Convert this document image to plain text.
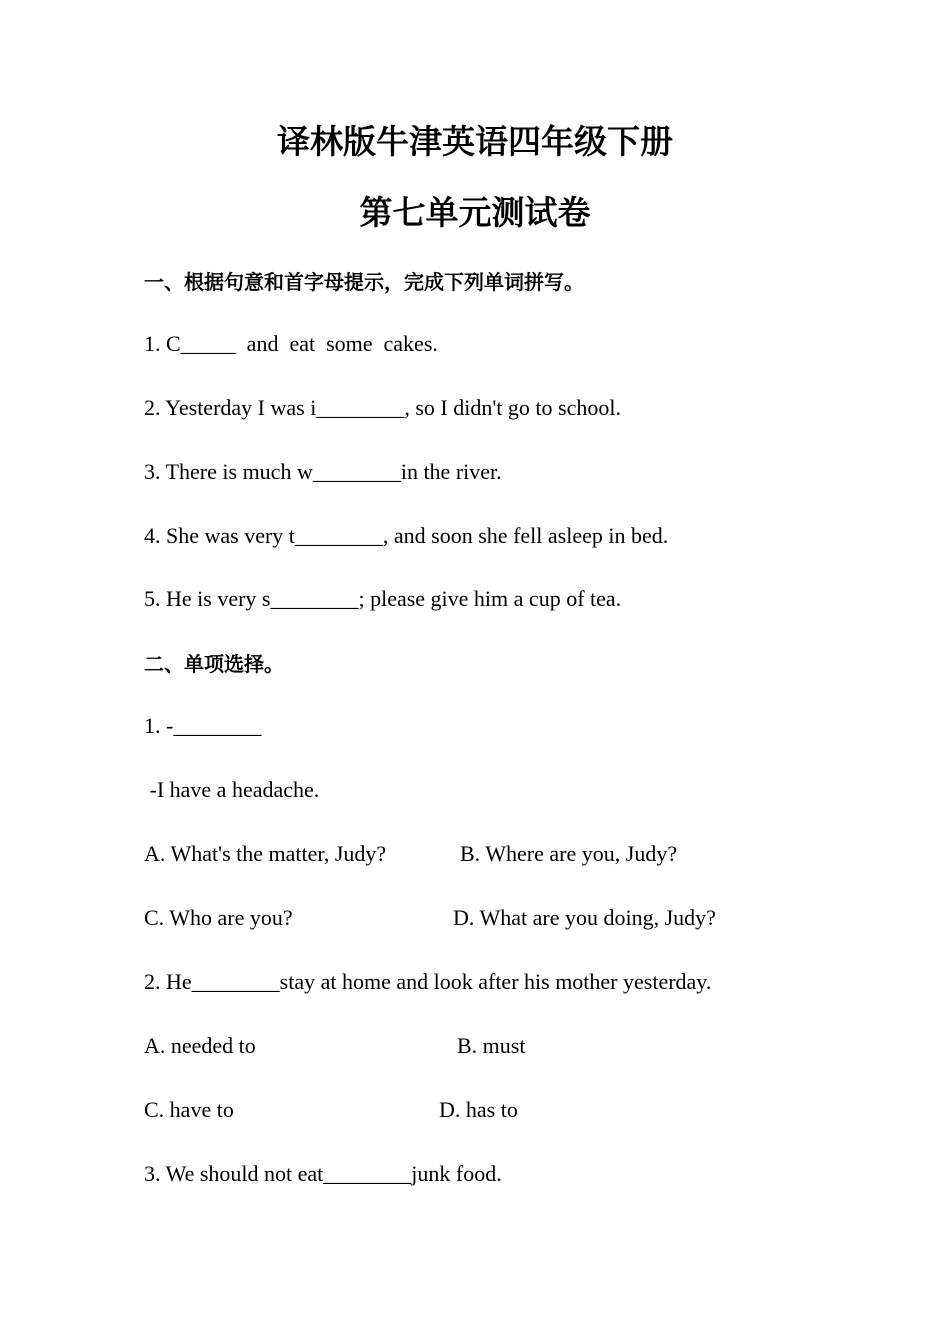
译林版牛津英语四年级下册
第七单元测试卷
一、根据句意和首字母提示，完成下列单词拼写。
1. C_____  and  eat  some  cakes.
2. Yesterday I was i________, so I didn't go to school.
3. There is much w________in the river.
4. She was very t________, and soon she fell asleep in bed.
5. He is very s________; please give him a cup of tea.
二、单项选择。
1. -________
-I have a headache.
A. What's the matter, Judy?	B. Where are you, Judy?
C. Who are you?	D. What are you doing, Judy?
2. He________stay at home and look after his mother yesterday.
A. needed to	B. must
C. have to	D. has to
3. We should not eat________junk food.
